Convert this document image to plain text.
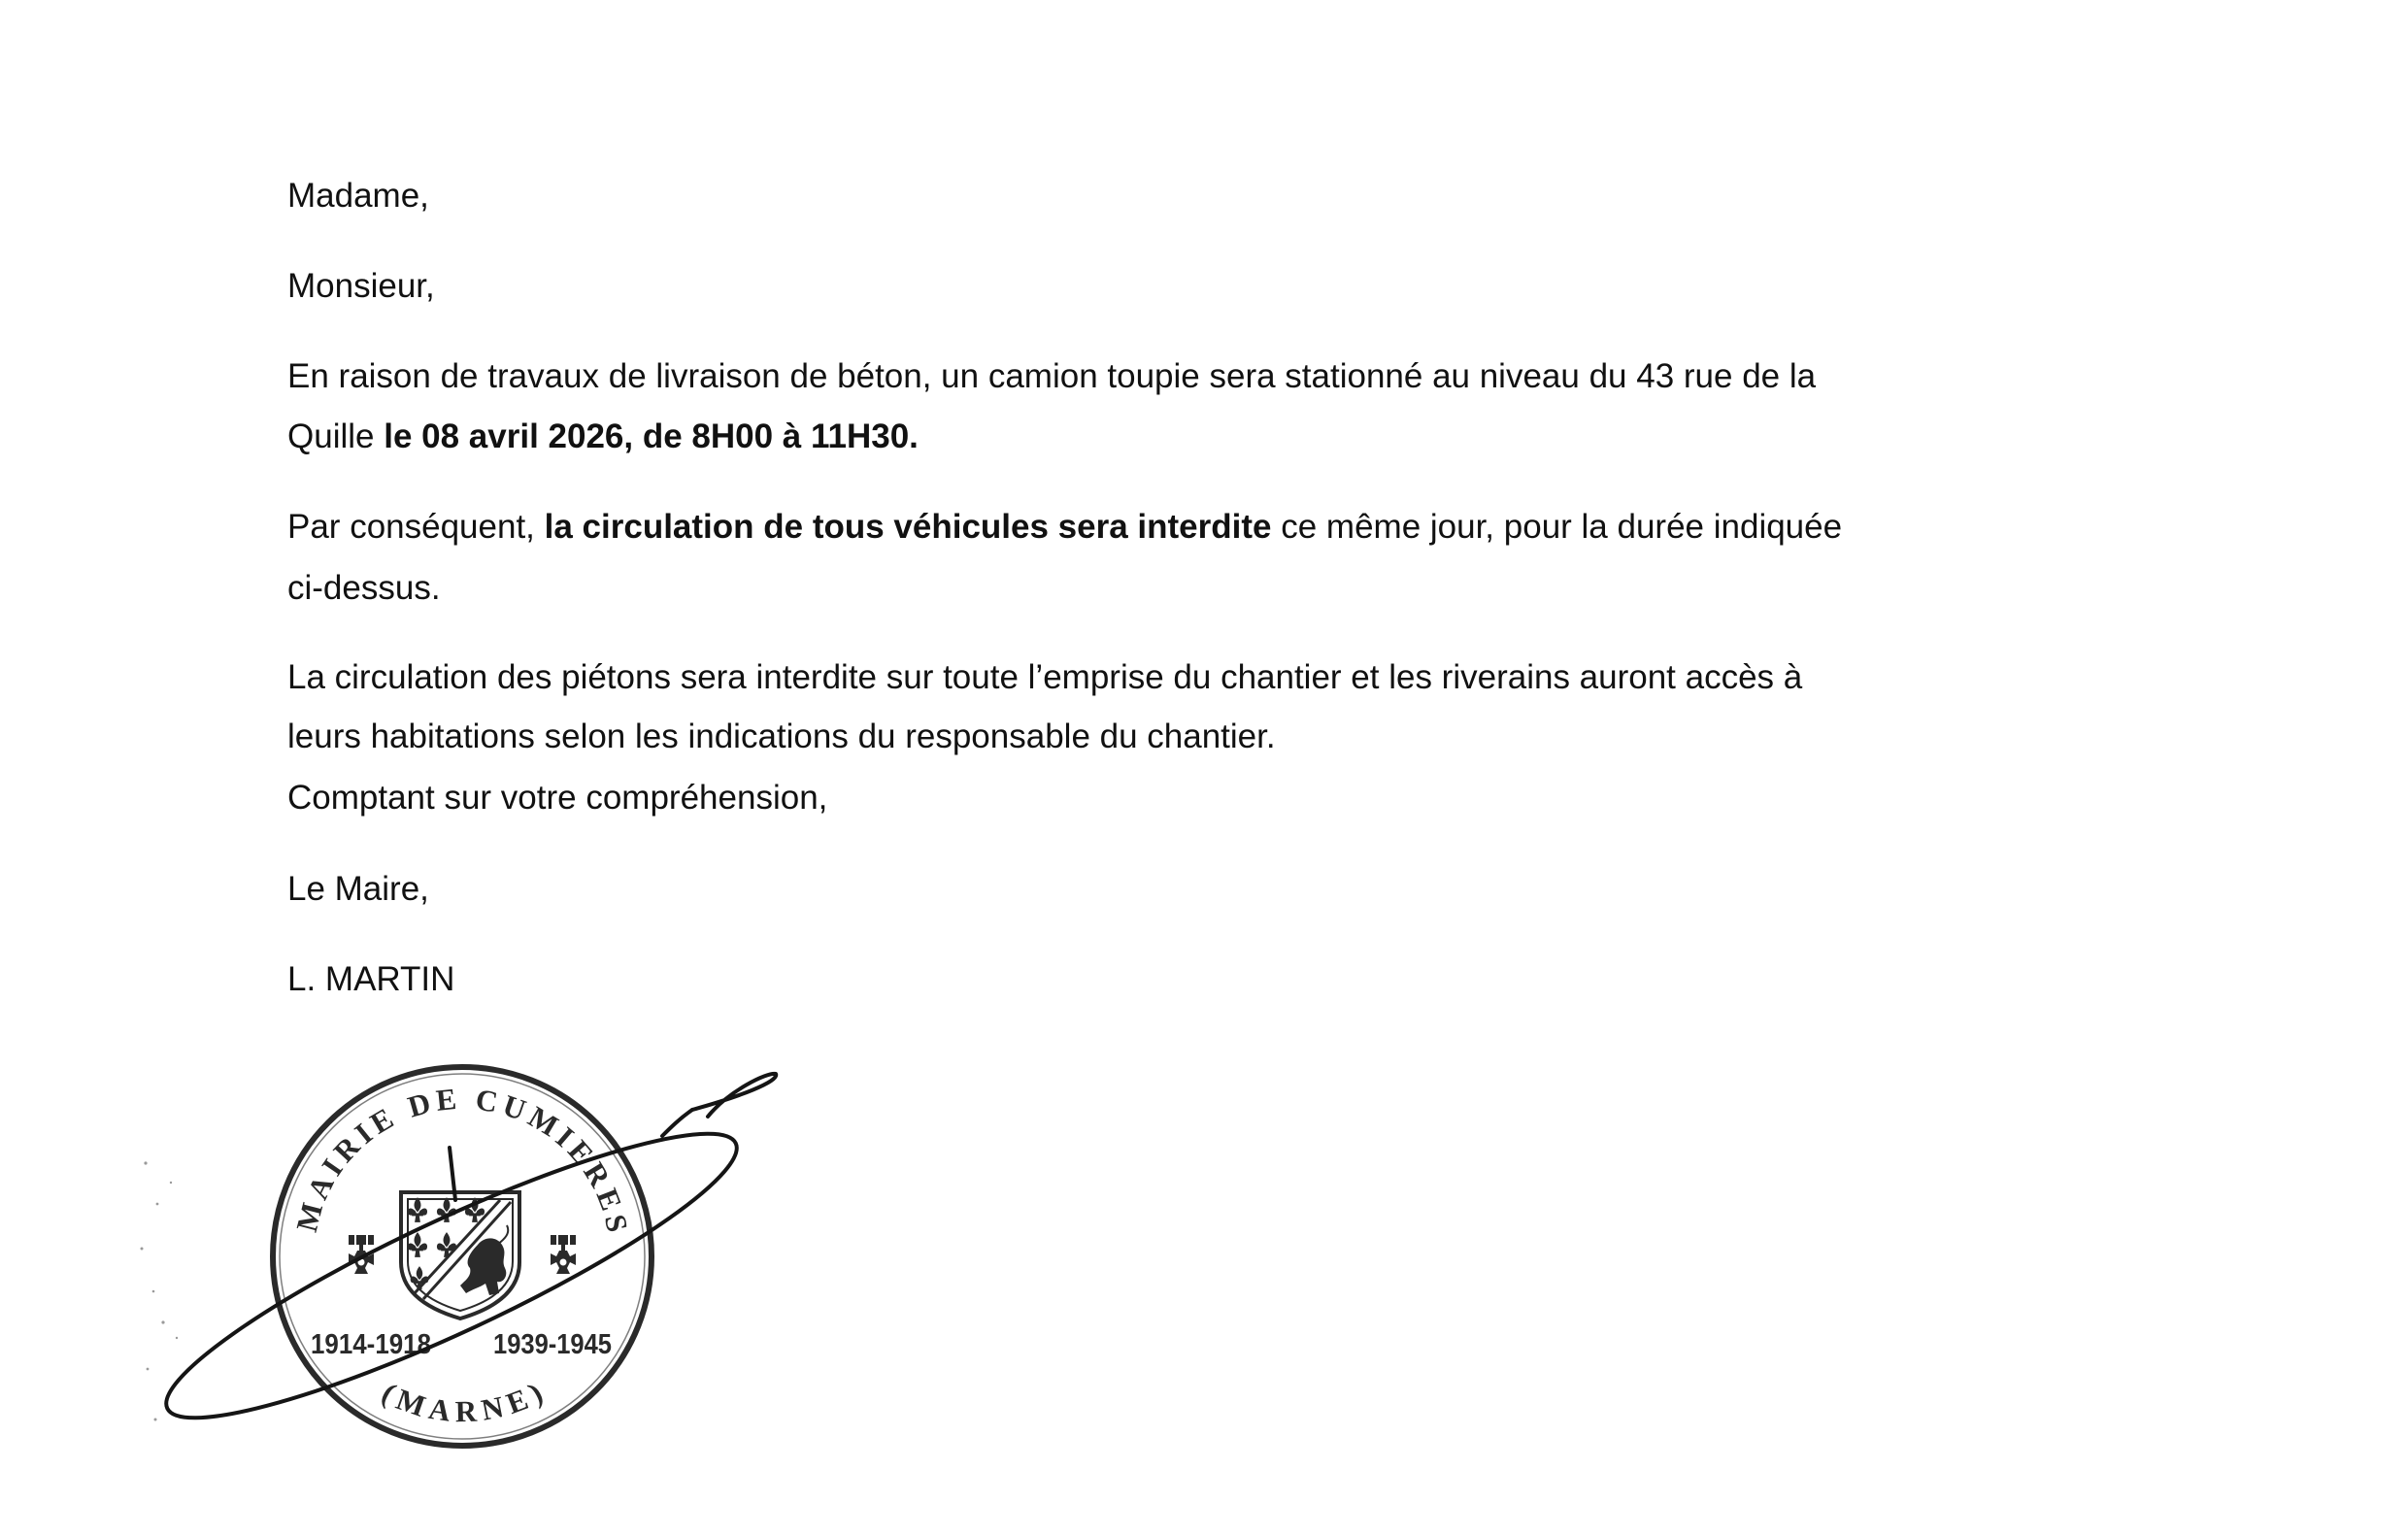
Madame,
Monsieur,
En raison de travaux de livraison de béton, un camion toupie sera stationné au niveau du 43 rue de la
Quille le 08 avril 2026, de 8H00 à 11H30.
Par conséquent, la circulation de tous véhicules sera interdite ce même jour, pour la durée indiquée
ci-dessus.
La circulation des piétons sera interdite sur toute l’emprise du chantier et les riverains auront accès à
leurs habitations selon les indications du responsable du chantier.
Comptant sur votre compréhension,
Le Maire,
L. MARTIN
MAIRIE DE CUMIERES
1914-1918 1939-1945
(MARNE)
